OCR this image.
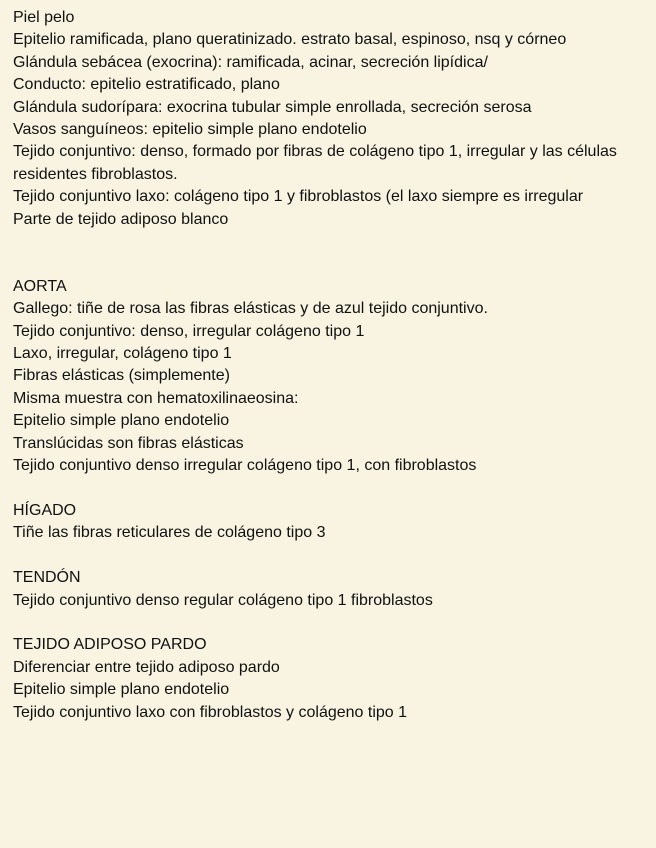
Piel pelo
Epitelio ramificada, plano queratinizado. estrato basal, espinoso, nsq y córneo
Glándula sebácea (exocrina): ramificada, acinar, secreción lipídica/
Conducto: epitelio estratificado, plano
Glándula sudorípara: exocrina tubular simple enrollada, secreción serosa
Vasos sanguíneos: epitelio simple plano endotelio
Tejido conjuntivo: denso, formado por fibras de colágeno tipo 1, irregular y las células residentes fibroblastos.
Tejido conjuntivo laxo: colágeno tipo 1 y fibroblastos (el laxo siempre es irregular
Parte de tejido adiposo blanco
AORTA
Gallego: tiñe de rosa las fibras elásticas y de azul tejido conjuntivo.
Tejido conjuntivo: denso, irregular colágeno tipo 1
Laxo, irregular, colágeno tipo 1
Fibras elásticas (simplemente)
Misma muestra con hematoxilinaeosina:
Epitelio simple plano endotelio
Translúcidas son fibras elásticas
Tejido conjuntivo denso irregular colágeno tipo 1, con fibroblastos
HÍGADO
Tiñe las fibras reticulares de colágeno tipo 3
TENDÓN
Tejido conjuntivo denso regular colágeno tipo 1 fibroblastos
TEJIDO ADIPOSO PARDO
Diferenciar entre tejido adiposo pardo
Epitelio simple plano endotelio
Tejido conjuntivo laxo con fibroblastos y colágeno tipo 1
